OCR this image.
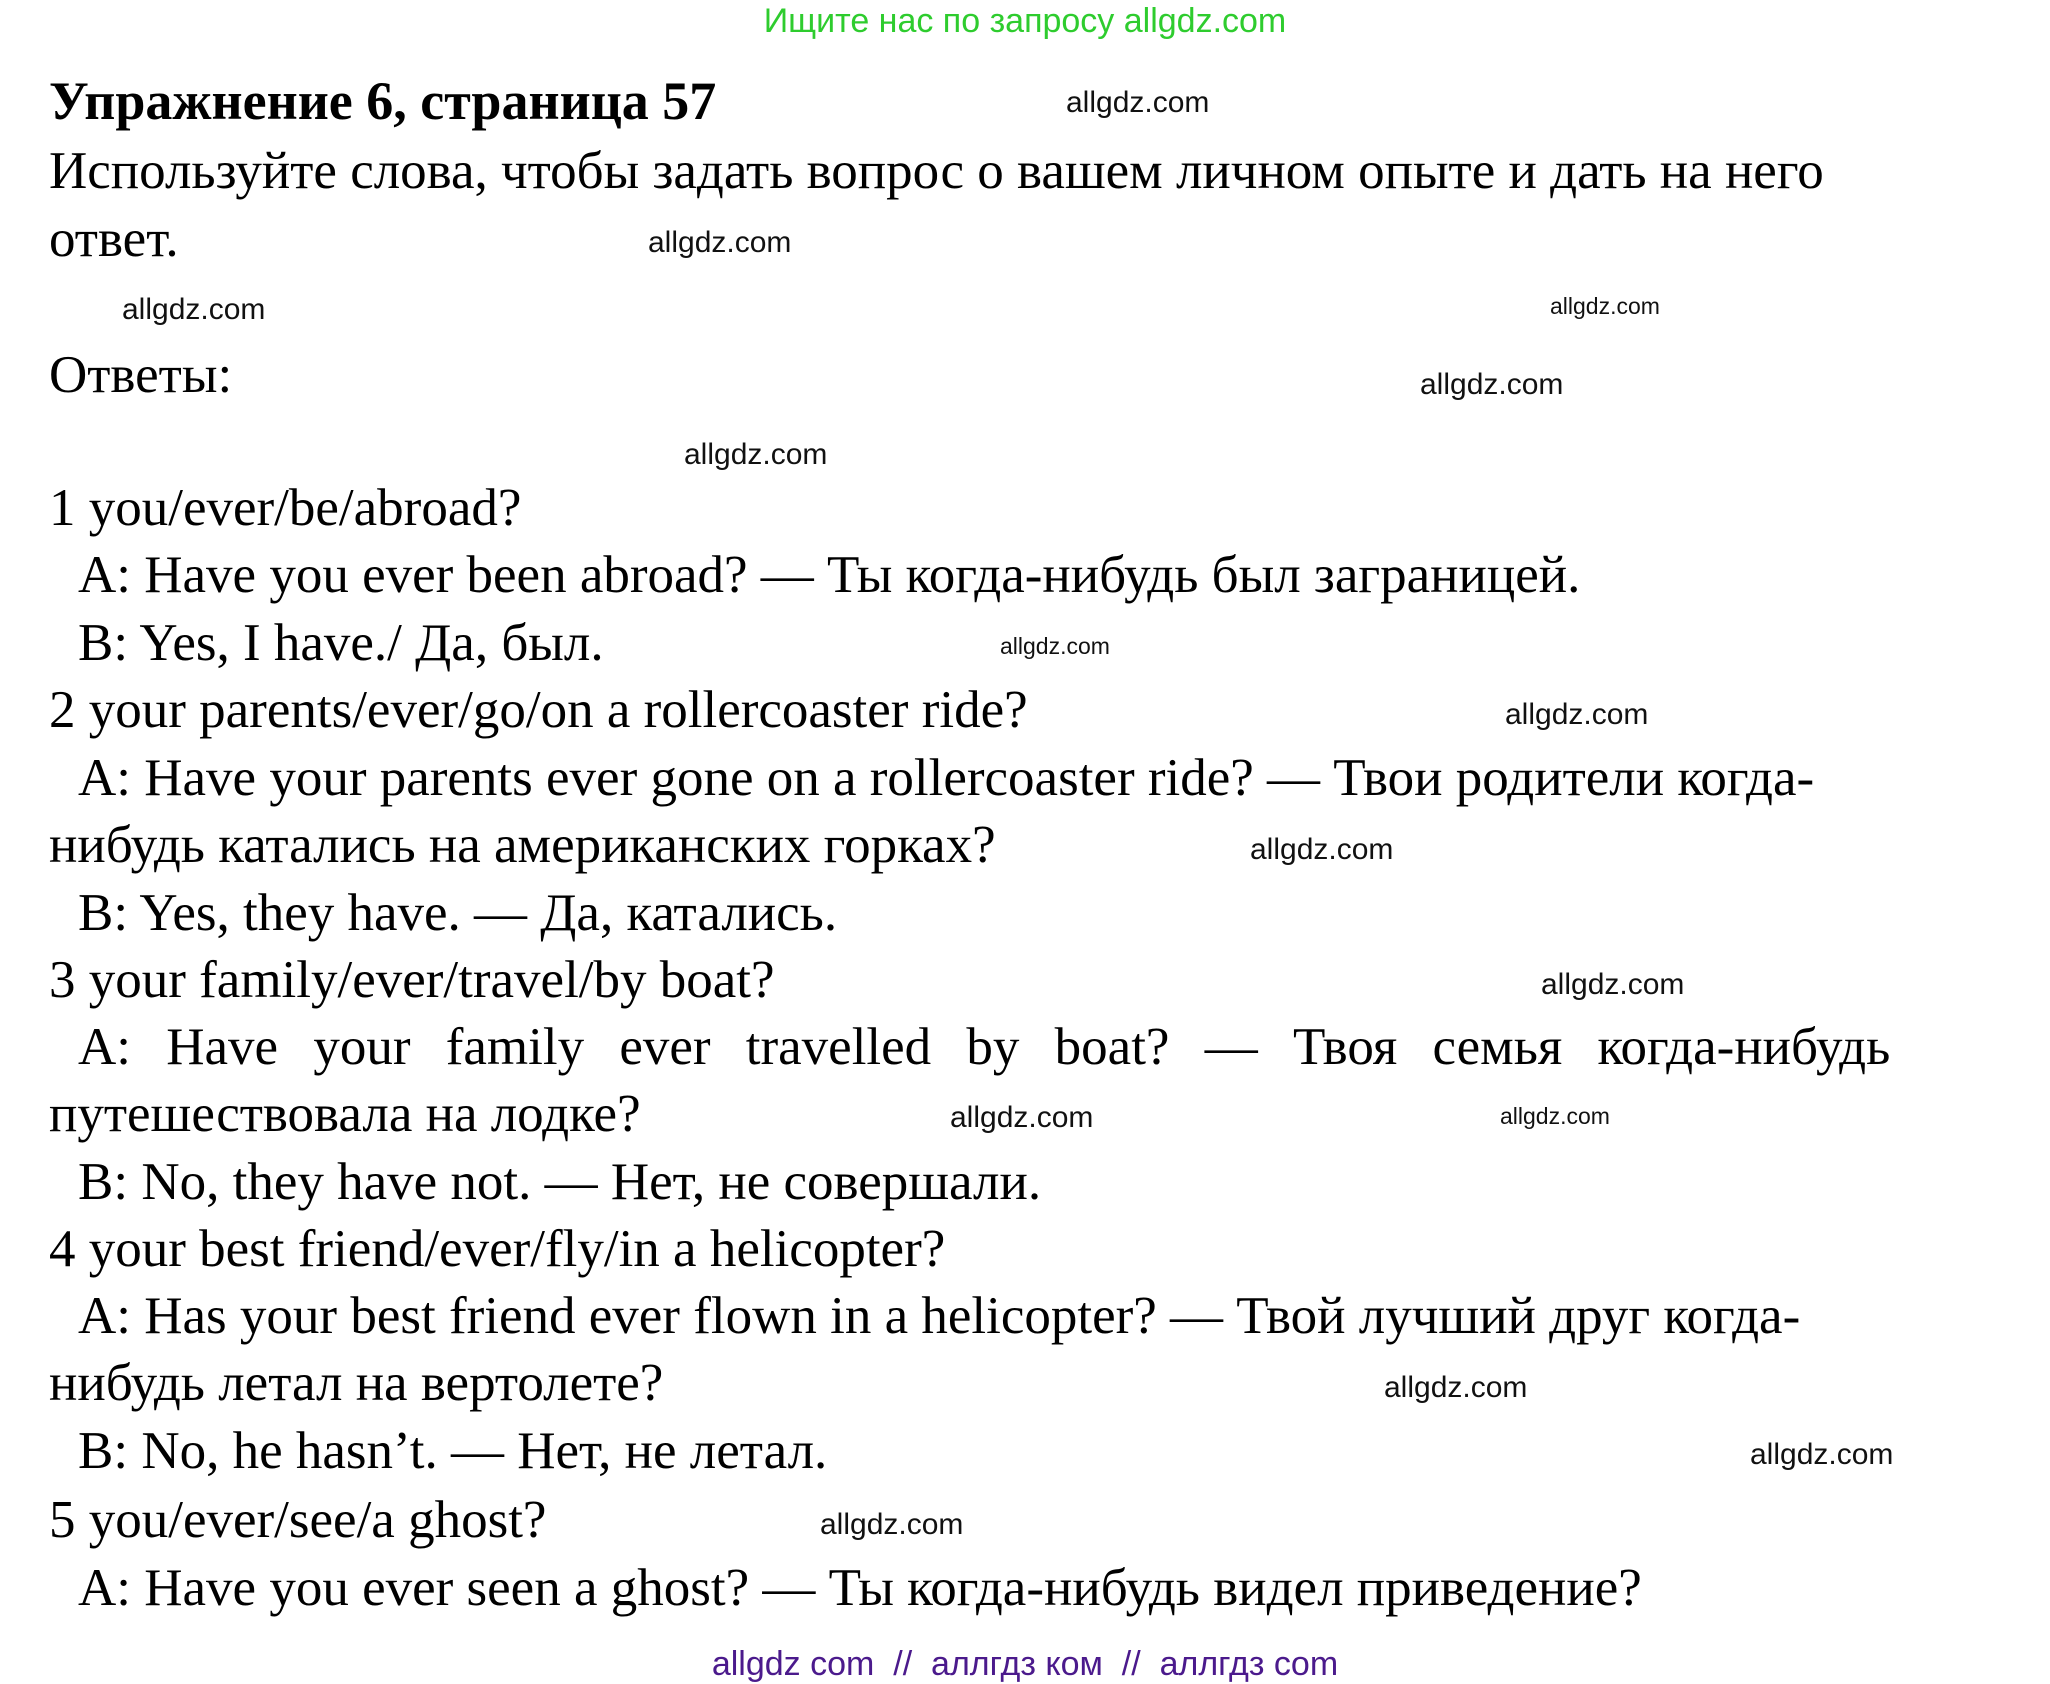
Ищите нас по запросу allgdz.com
Упражнение 6, страница 57
Используйте слова, чтобы задать вопрос о вашем личном опыте и дать на него
ответ.
Ответы:
1 you/ever/be/abroad?
A: Have you ever been abroad? — Ты когда-нибудь был заграницей.
B: Yes, I have./ Да, был.
2 your parents/ever/go/on a rollercoaster ride?
A: Have your parents ever gone on a rollercoaster ride? — Твои родители когда-
нибудь катались на американских горках?
B: Yes, they have. — Да, катались.
3 your family/ever/travel/by boat?
A: Have your family ever travelled by boat? — Твоя семья когда-нибудь
путешествовала на лодке?
B: No, they have not. — Нет, не совершали.
4 your best friend/ever/fly/in a helicopter?
A: Has your best friend ever flown in a helicopter? — Твой лучший друг когда-
нибудь летал на вертолете?
B: No, he hasn’t. — Нет, не летал.
5 you/ever/see/a ghost?
A: Have you ever seen a ghost? — Ты когда-нибудь видел приведение?
allgdz.com
allgdz.com
allgdz.com
allgdz.com
allgdz.com
allgdz.com
allgdz.com
allgdz.com
allgdz.com
allgdz.com
allgdz.com
allgdz.com
allgdz.com
allgdz.com
allgdz.com
allgdz com  //  аллгдз ком  //  аллгдз com
